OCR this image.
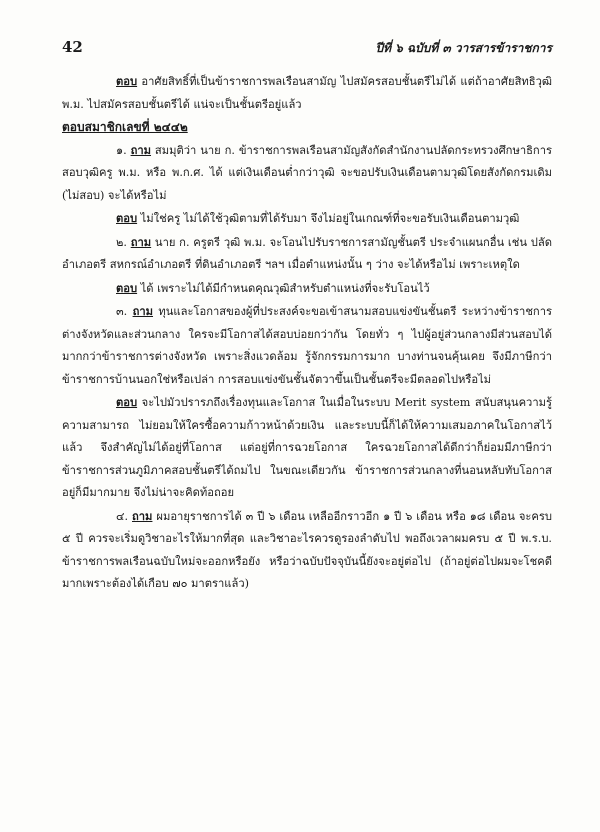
42	ปีที่ ๖ ฉบับที่ ๓ วารสารข้าราชการ

ตอบ อาศัยสิทธิ์ที่เป็นข้าราชการพลเรือนสามัญ ไปสมัครสอบชั้นตรีไม่ได้ แต่ถ้าอาศัยสิทธิวุฒิ พ.ม. ไปสมัครสอบชั้นตรีได้ แน่จะเป็นชั้นตรีอยู่แล้ว

ตอบสมาชิกเลขที่ ๒๔๔๒

๑. ถาม สมมุติว่า นาย ก. ข้าราชการพลเรือนสามัญสังกัดสำนักงานปลัดกระทรวงศึกษาธิการ สอบวุฒิครู พ.ม. หรือ พ.ก.ศ. ได้ แต่เงินเดือนต่ำกว่าวุฒิ จะขอปรับเงินเดือนตามวุฒิโดยสังกัดกรมเดิม (ไม่สอบ) จะได้หรือไม่

ตอบ ไม่ใช่ครู ไม่ได้ใช้วุฒิตามที่ได้รับมา จึงไม่อยู่ในเกณฑ์ที่จะขอรับเงินเดือนตามวุฒิ

๒. ถาม นาย ก. ครูตรี วุฒิ พ.ม. จะโอนไปรับราชการสามัญชั้นตรี ประจำแผนกอื่น เช่น ปลัดอำเภอตรี สหกรณ์อำเภอตรี ที่ดินอำเภอตรี ฯลฯ เมื่อตำแหน่งนั้น ๆ ว่าง จะได้หรือไม่ เพราะเหตุใด

ตอบ ได้ เพราะไม่ได้มีกำหนดคุณวุฒิสำหรับตำแหน่งที่จะรับโอนไว้

๓. ถาม ทุนและโอกาสของผู้ที่ประสงค์จะขอเข้าสนามสอบแข่งขันชั้นตรี ระหว่างข้าราชการต่างจังหวัดและส่วนกลาง ใครจะมีโอกาสได้สอบบ่อยกว่ากัน โดยทั่ว ๆ ไปผู้อยู่ส่วนกลางมีส่วนสอบได้มากกว่าข้าราชการต่างจังหวัด เพราะสิ่งแวดล้อม รู้จักกรรมการมาก บางท่านจนคุ้นเคย จึงมีภาษีกว่าข้าราชการบ้านนอกใช่หรือเปล่า การสอบแข่งขันชั้นจัตวาขึ้นเป็นชั้นตรีจะมีตลอดไปหรือไม่

ตอบ จะไปมัวปรารภถึงเรื่องทุนและโอกาส ในเมื่อในระบบ Merit system สนับสนุนความรู้ความสามารถ ไม่ยอมให้ใครซื้อความก้าวหน้าด้วยเงิน และระบบนี้ก็ได้ให้ความเสมอภาคในโอกาสไว้แล้ว จึงสำคัญไม่ได้อยู่ที่โอกาส แต่อยู่ที่การฉวยโอกาส ใครฉวยโอกาสได้ดีกว่าก็ย่อมมีภาษีกว่า ข้าราชการส่วนภูมิภาคสอบชั้นตรีได้ถมไป ในขณะเดียวกัน ข้าราชการส่วนกลางที่นอนหลับทับโอกาสอยู่ก็มีมากมาย จึงไม่น่าจะคิดท้อถอย

๔. ถาม ผมอายุราชการได้ ๓ ปี ๖ เดือน เหลืออีกราวอีก ๑ ปี ๖ เดือน หรือ ๑๘ เดือน จะครบ ๕ ปี ควรจะเริ่มดูวิชาอะไรให้มากที่สุด และวิชาอะไรควรดูรองลำดับไป พอถึงเวลาผมครบ ๕ ปี พ.ร.บ. ข้าราชการพลเรือนฉบับใหม่จะออกหรือยัง หรือว่าฉบับปัจจุบันนี้ยังจะอยู่ต่อไป (ถ้าอยู่ต่อไปผมจะโชคดีมากเพราะต้องได้เกือบ ๗๐ มาตราแล้ว)
